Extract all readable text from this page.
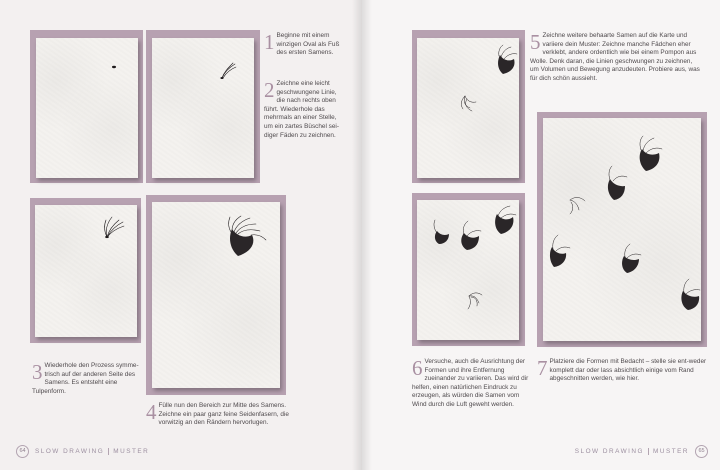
1 Beginne mit einem winzigen Oval als Fuß des ersten Samens.
2 Zeichne eine leicht geschwungene Linie, die nach rechts oben führt. Wiederhole das mehrmals an einer Stelle, um ein zartes Büschel sei-diger Fäden zu zeichnen.
3 Wiederhole den Prozess symme-trisch auf der anderen Seite des Samens. Es entsteht eine Tulpenform.
4 Fülle nun den Bereich zur Mitte des Samens. Zeichne ein paar ganz feine Seidenfasern, die vorwitzig an den Rändern hervorlugen.
64	SLOW DRAWING MUSTER
5 Zeichne weitere behaarte Samen auf die Karte und variiere dein Muster: Zeichne manche Fädchen eher verklebt, andere ordentlich wie bei einem Pompon aus Wolle. Denk daran, die Linien geschwungen zu zeichnen, um Volumen und Bewegung anzudeuten. Probiere aus, was für dich schön aussieht.
6 Versuche, auch die Ausrichtung der Formen und ihre Entfernung zueinander zu variieren. Das wird dir helfen, einen natürlichen Eindruck zu erzeugen, als würden die Samen vom Wind durch die Luft geweht werden.
7 Platziere die Formen mit Bedacht – stelle sie ent-weder komplett dar oder lass absichtlich einige vom Rand abgeschnitten werden, wie hier.
SLOW DRAWING MUSTER	65
